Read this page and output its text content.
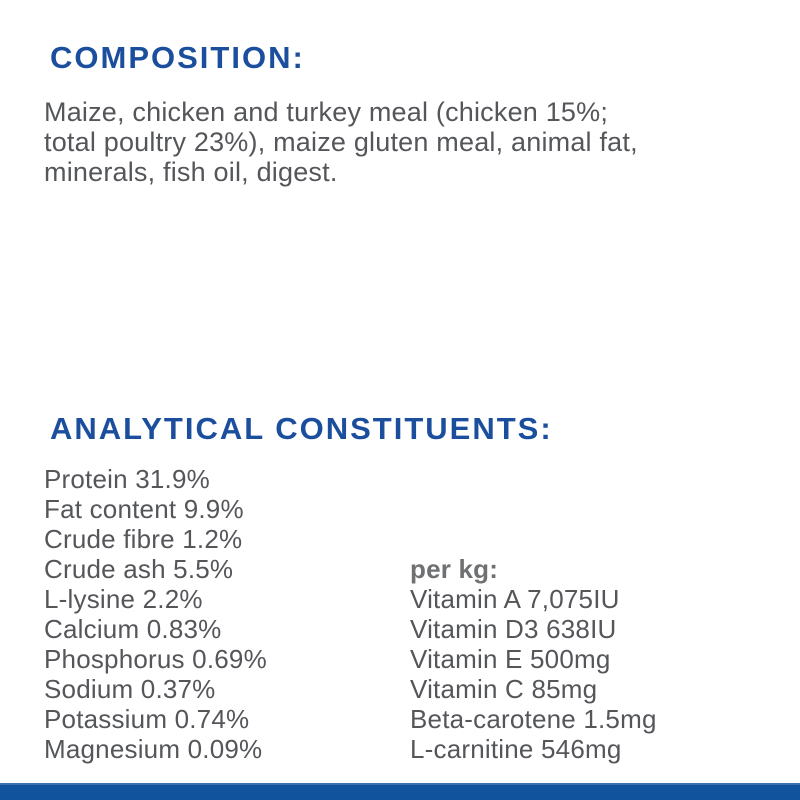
COMPOSITION:
Maize, chicken and turkey meal (chicken 15%;
total poultry 23%), maize gluten meal, animal fat,
minerals, fish oil, digest.
ANALYTICAL CONSTITUENTS:
Protein 31.9%
Fat content 9.9%
Crude fibre 1.2%
Crude ash 5.5%
L-lysine 2.2%
Calcium 0.83%
Phosphorus 0.69%
Sodium 0.37%
Potassium 0.74%
Magnesium 0.09%
per kg:
Vitamin A 7,075IU
Vitamin D3 638IU
Vitamin E 500mg
Vitamin C 85mg
Beta-carotene 1.5mg
L-carnitine 546mg
